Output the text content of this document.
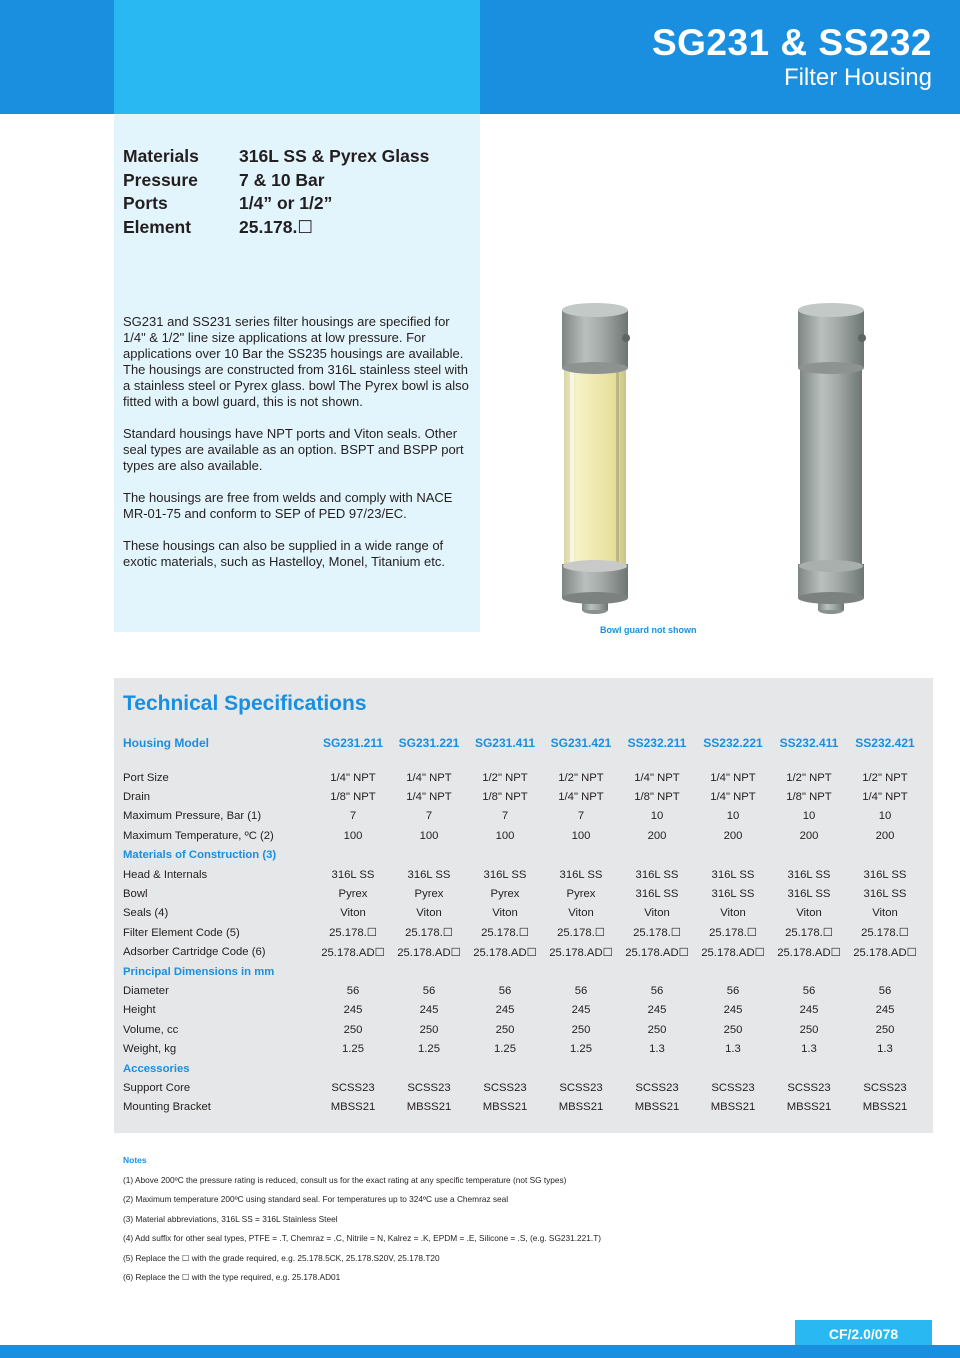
SG231 & SS232
Filter Housing
Materials	316L SS & Pyrex Glass
Pressure	7 & 10 Bar
Ports	1/4” or 1/2”
Element	25.178.☐

SG231 and SS231 series filter housings are specified for 1/4" & 1/2" line size applications at low pressure. For applications over 10 Bar the SS235 housings are available. The housings are constructed from 316L stainless steel with a stainless steel or Pyrex glass. bowl The Pyrex bowl is also fitted with a bowl guard, this is not shown.

Standard housings have NPT ports and Viton seals. Other seal types are available as an option. BSPT and BSPP port types are also available.

The housings are free from welds and comply with NACE MR-01-75 and conform to SEP of PED 97/23/EC.

These housings can also be supplied in a wide range of exotic materials, such as Hastelloy, Monel, Titanium etc.

Bowl guard not shown
Technical Specifications
Housing Model	SG231.211	SG231.221	SG231.411	SG231.421	SS232.211	SS232.221	SS232.411	SS232.421
Port Size	1/4" NPT	1/4" NPT	1/2" NPT	1/2" NPT	1/4" NPT	1/4" NPT	1/2" NPT	1/2" NPT
Drain	1/8" NPT	1/4" NPT	1/8" NPT	1/4" NPT	1/8" NPT	1/4" NPT	1/8" NPT	1/4" NPT
Maximum Pressure, Bar (1)	7	7	7	7	10	10	10	10
Maximum Temperature, ºC (2)	100	100	100	100	200	200	200	200
Materials of Construction (3)
Head & Internals	316L SS	316L SS	316L SS	316L SS	316L SS	316L SS	316L SS	316L SS
Bowl	Pyrex	Pyrex	Pyrex	Pyrex	316L SS	316L SS	316L SS	316L SS
Seals (4)	Viton	Viton	Viton	Viton	Viton	Viton	Viton	Viton
Filter Element Code (5)	25.178.☐	25.178.☐	25.178.☐	25.178.☐	25.178.☐	25.178.☐	25.178.☐	25.178.☐
Adsorber Cartridge Code (6)	25.178.AD☐	25.178.AD☐	25.178.AD☐	25.178.AD☐	25.178.AD☐	25.178.AD☐	25.178.AD☐	25.178.AD☐
Principal Dimensions in mm
Diameter	56	56	56	56	56	56	56	56
Height	245	245	245	245	245	245	245	245
Volume, cc	250	250	250	250	250	250	250	250
Weight, kg	1.25	1.25	1.25	1.25	1.3	1.3	1.3	1.3
Accessories
Support Core	SCSS23	SCSS23	SCSS23	SCSS23	SCSS23	SCSS23	SCSS23	SCSS23
Mounting Bracket	MBSS21	MBSS21	MBSS21	MBSS21	MBSS21	MBSS21	MBSS21	MBSS21
Notes
(1) Above 200ºC the pressure rating is reduced, consult us for the exact rating at any specific temperature (not SG types)
(2) Maximum temperature 200ºC using standard seal. For temperatures up to 324ºC use a Chemraz seal
(3) Material abbreviations, 316L SS = 316L Stainless Steel
(4) Add suffix for other seal types, PTFE = .T, Chemraz = .C, Nitrile = N, Kalrez = .K, EPDM = .E, Silicone = .S, (e.g. SG231.221.T)
(5) Replace the ☐ with the grade required, e.g. 25.178.5CK, 25.178.S20V, 25.178.T20
(6) Replace the ☐ with the type required, e.g. 25.178.AD01
CF/2.0/078
